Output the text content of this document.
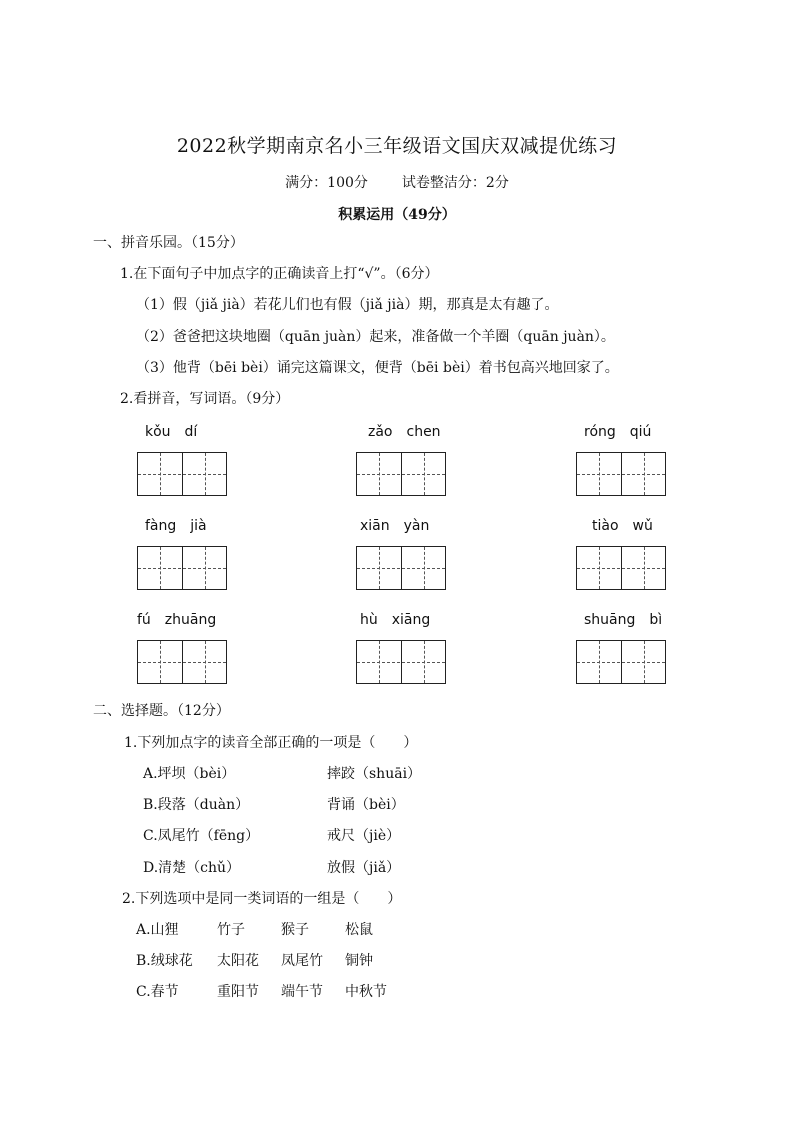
2022秋学期南京名小三年级语文国庆双减提优练习
满分：100分 试卷整洁分：2分
积累运用（49分）
一、拼音乐园。（15分）
1.在下面句子中加点字的正确读音上打“√”。（6分）
（1）假（jiǎ jià）若花儿们也有假（jiǎ jià）期，那真是太有趣了。
（2）爸爸把这块地圈（quān juàn）起来，准备做一个羊圈（quān juàn）。
（3）他背（bēi bèi）诵完这篇课文，便背（bēi bèi）着书包高兴地回家了。
2.看拼音，写词语。（9分）
kǒu　dí	zǎo　chen	róng　qiú
fàng　jià	xiān　yàn	tiào　wǔ
fú　zhuāng	hù　xiāng	shuāng　bì
二、选择题。（12分）
1.下列加点字的读音全部正确的一项是（　　）
A.坪坝（bèi）	摔跤（shuāi）
B.段落（duàn）	背诵（bèi）
C.凤尾竹（fēng）	戒尺（jiè）
D.清楚（chǔ）	放假（jiǎ）
2.下列选项中是同一类词语的一组是（　　）
A.山狸	竹子	猴子	松鼠
B.绒球花 太阳花 凤尾竹 铜钟
C.春节	重阳节 端午节 中秋节
